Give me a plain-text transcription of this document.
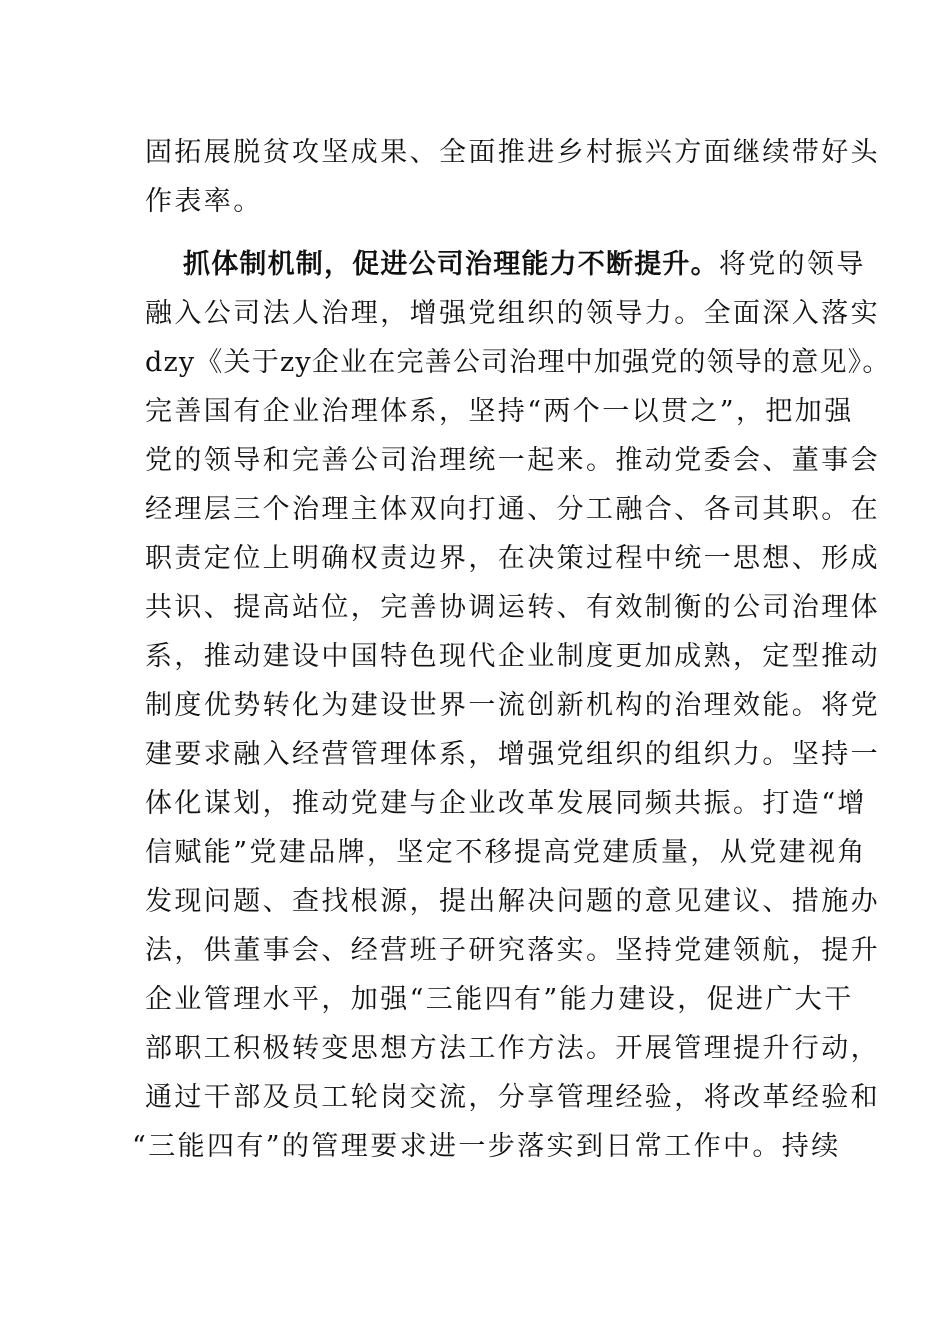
固拓展脱贫攻坚成果、全面推进乡村振兴方面继续带好头

作表率。

抓体制机制，促进公司治理能力不断提升。将党的领导

融入公司法人治理，增强党组织的领导力。全面深入落实

dzy《关于zy企业在完善公司治理中加强党的领导的意见》。

完善国有企业治理体系，坚持“两个一以贯之”，把加强

党的领导和完善公司治理统一起来。推动党委会、董事会

经理层三个治理主体双向打通、分工融合、各司其职。在

职责定位上明确权责边界，在决策过程中统一思想、形成

共识、提高站位，完善协调运转、有效制衡的公司治理体

系，推动建设中国特色现代企业制度更加成熟，定型推动

制度优势转化为建设世界一流创新机构的治理效能。将党

建要求融入经营管理体系，增强党组织的组织力。坚持一

体化谋划，推动党建与企业改革发展同频共振。打造“增

信赋能”党建品牌，坚定不移提高党建质量，从党建视角

发现问题、查找根源，提出解决问题的意见建议、措施办

法，供董事会、经营班子研究落实。坚持党建领航，提升

企业管理水平，加强“三能四有”能力建设，促进广大干

部职工积极转变思想方法工作方法。开展管理提升行动，

通过干部及员工轮岗交流，分享管理经验，将改革经验和

“三能四有”的管理要求进一步落实到日常工作中。持续
